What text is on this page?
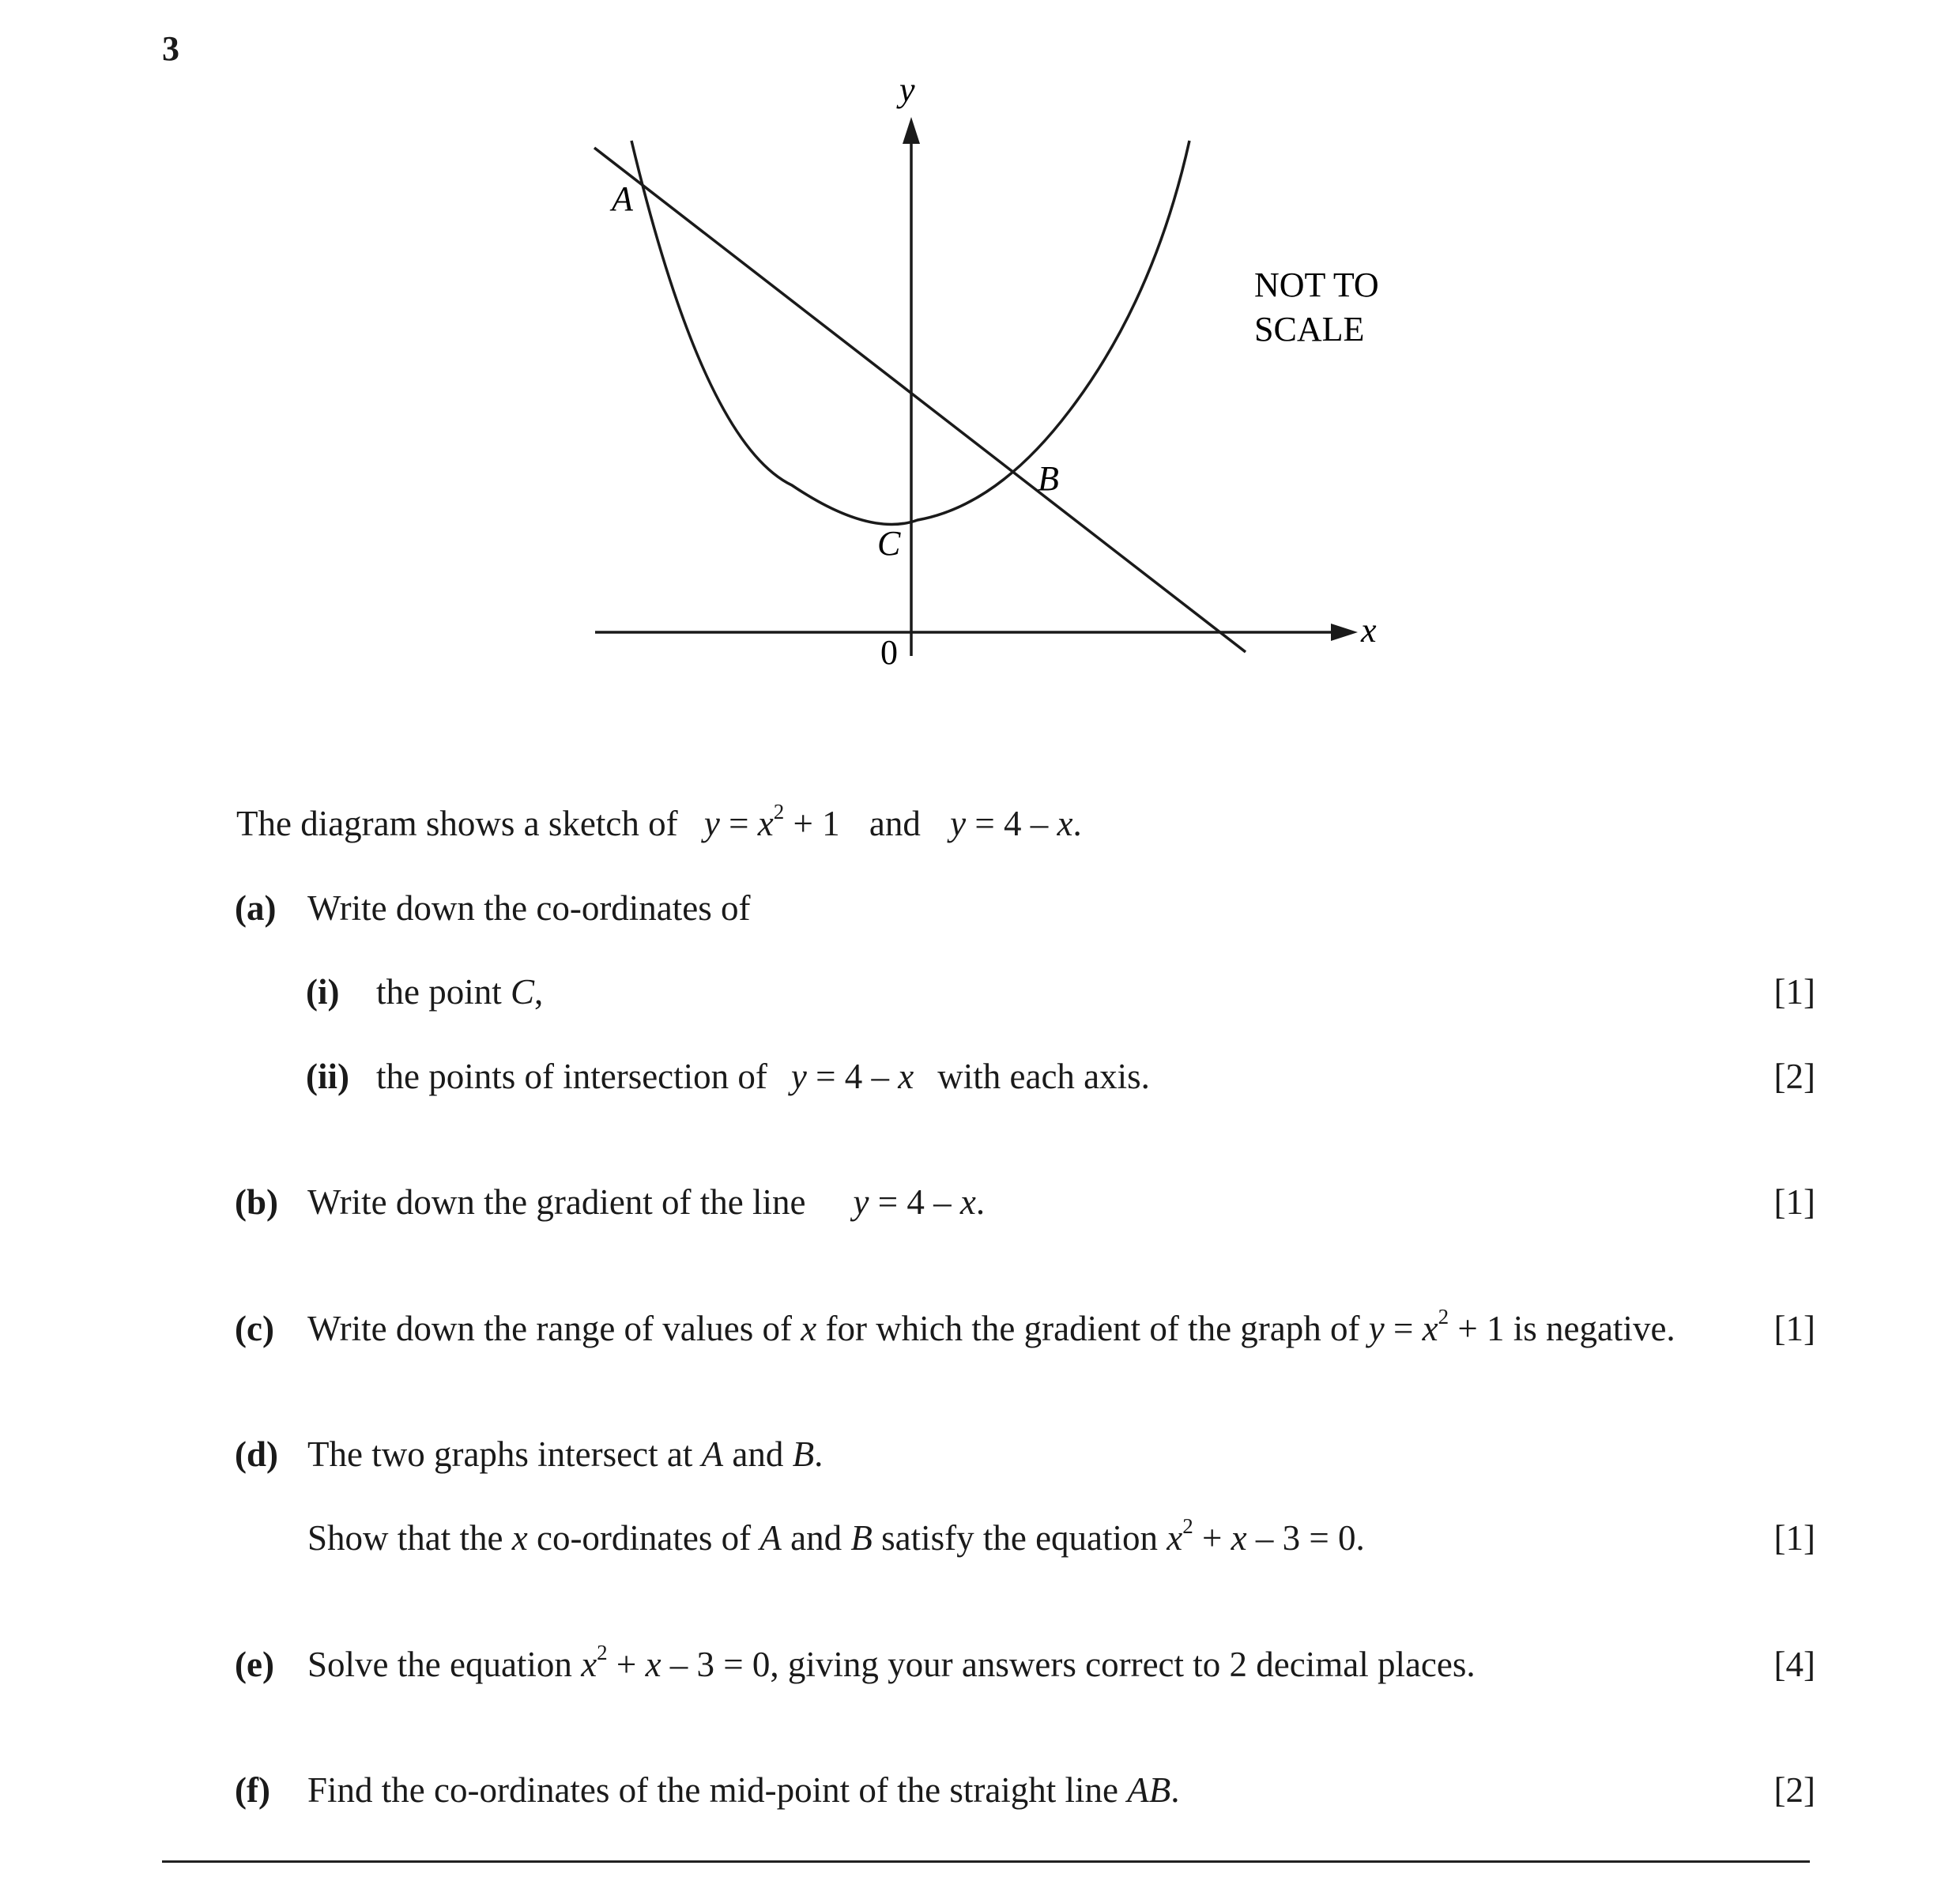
3
y
x
0
A
B
C
NOT TO
SCALE
The diagram shows a sketch of $y = x^2 + 1$ and y = 4 – x.
(a) Write down the co-ordinates of
(i) the point C,	[1]
(ii) the points of intersection of y = 4 – x with each axis.	[2]
(b) Write down the gradient of the line y = 4 – x.	[1]
(c) Write down the range of values of x for which the gradient of the graph of $y = x^2 + 1$ is negative.	[1]
(d) The two graphs intersect at A and B.
Show that the x co-ordinates of A and B satisfy the equation $x^2 + x - 3 = 0$.	[1]
(e) Solve the equation $x^2 + x - 3 = 0$, giving your answers correct to 2 decimal places.	[4]
(f) Find the co-ordinates of the mid-point of the straight line AB.	[2]
